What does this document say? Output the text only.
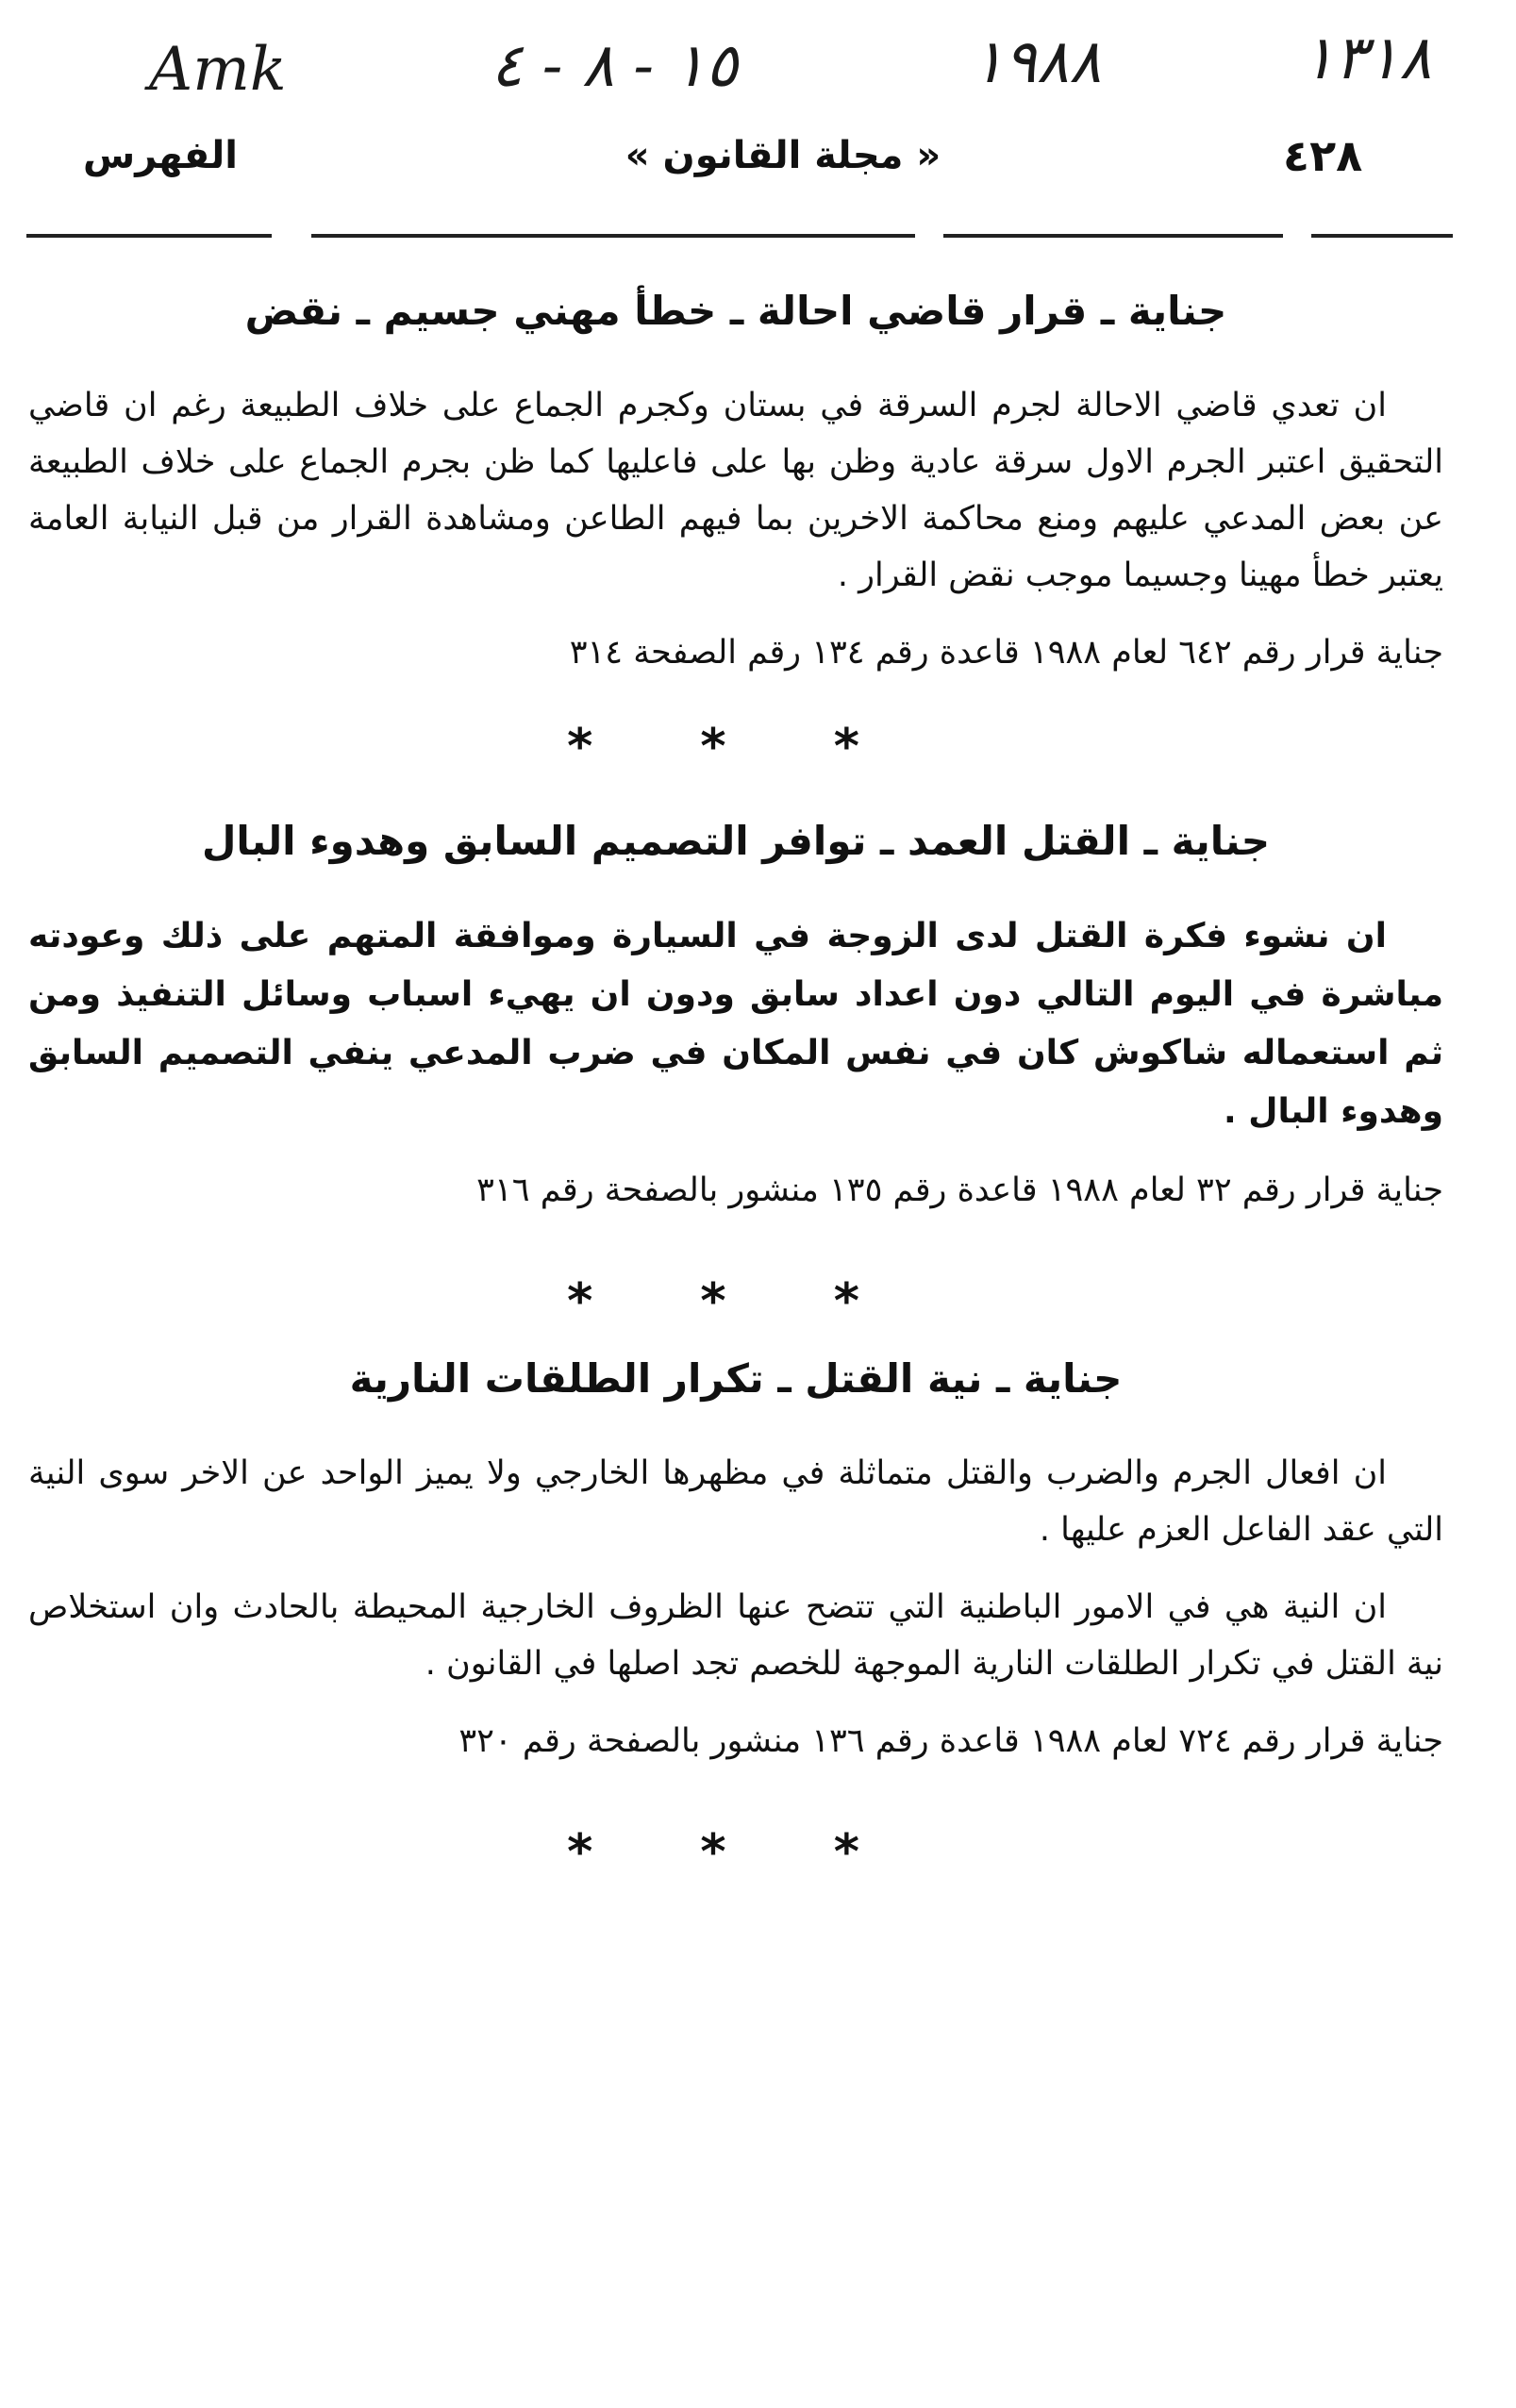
Amk	١٥ - ٨ - ٤	١٩٨٨	١٣١٨
الفهرس	« مجلة القانون »	٤٢٨

جناية ـ قرار قاضي احالة ـ خطأ مهني جسيم ـ نقض

ان تعدي قاضي الاحالة لجرم السرقة في بستان وكجرم الجماع على خلاف الطبيعة رغم ان قاضي التحقيق اعتبر الجرم الاول سرقة عادية وظن بها على فاعليها كما ظن بجرم الجماع على خلاف الطبيعة عن بعض المدعي عليهم ومنع محاكمة الاخرين بما فيهم الطاعن ومشاهدة القرار من قبل النيابة العامة يعتبر خطأ مهينا وجسيما موجب نقض القرار .

جناية قرار رقم ٦٤٢ لعام ١٩٨٨ قاعدة رقم ١٣٤ رقم الصفحة ٣١٤

* * *

جناية ـ القتل العمد ـ توافر التصميم السابق وهدوء البال

ان نشوء فكرة القتل لدى الزوجة في السيارة وموافقة المتهم على ذلك وعودته مباشرة في اليوم التالي دون اعداد سابق ودون ان يهيء اسباب وسائل التنفيذ ومن ثم استعماله شاكوش كان في نفس المكان في ضرب المدعي ينفي التصميم السابق وهدوء البال .

جناية قرار رقم ٣٢ لعام ١٩٨٨ قاعدة رقم ١٣٥ منشور بالصفحة رقم ٣١٦

* * *

جناية ـ نية القتل ـ تكرار الطلقات النارية

ان افعال الجرم والضرب والقتل متماثلة في مظهرها الخارجي ولا يميز الواحد عن الاخر سوى النية التي عقد الفاعل العزم عليها .

ان النية هي في الامور الباطنية التي تتضح عنها الظروف الخارجية المحيطة بالحادث وان استخلاص نية القتل في تكرار الطلقات النارية الموجهة للخصم تجد اصلها في القانون .

جناية قرار رقم ٧٢٤ لعام ١٩٨٨ قاعدة رقم ١٣٦ منشور بالصفحة رقم ٣٢٠

* * *
